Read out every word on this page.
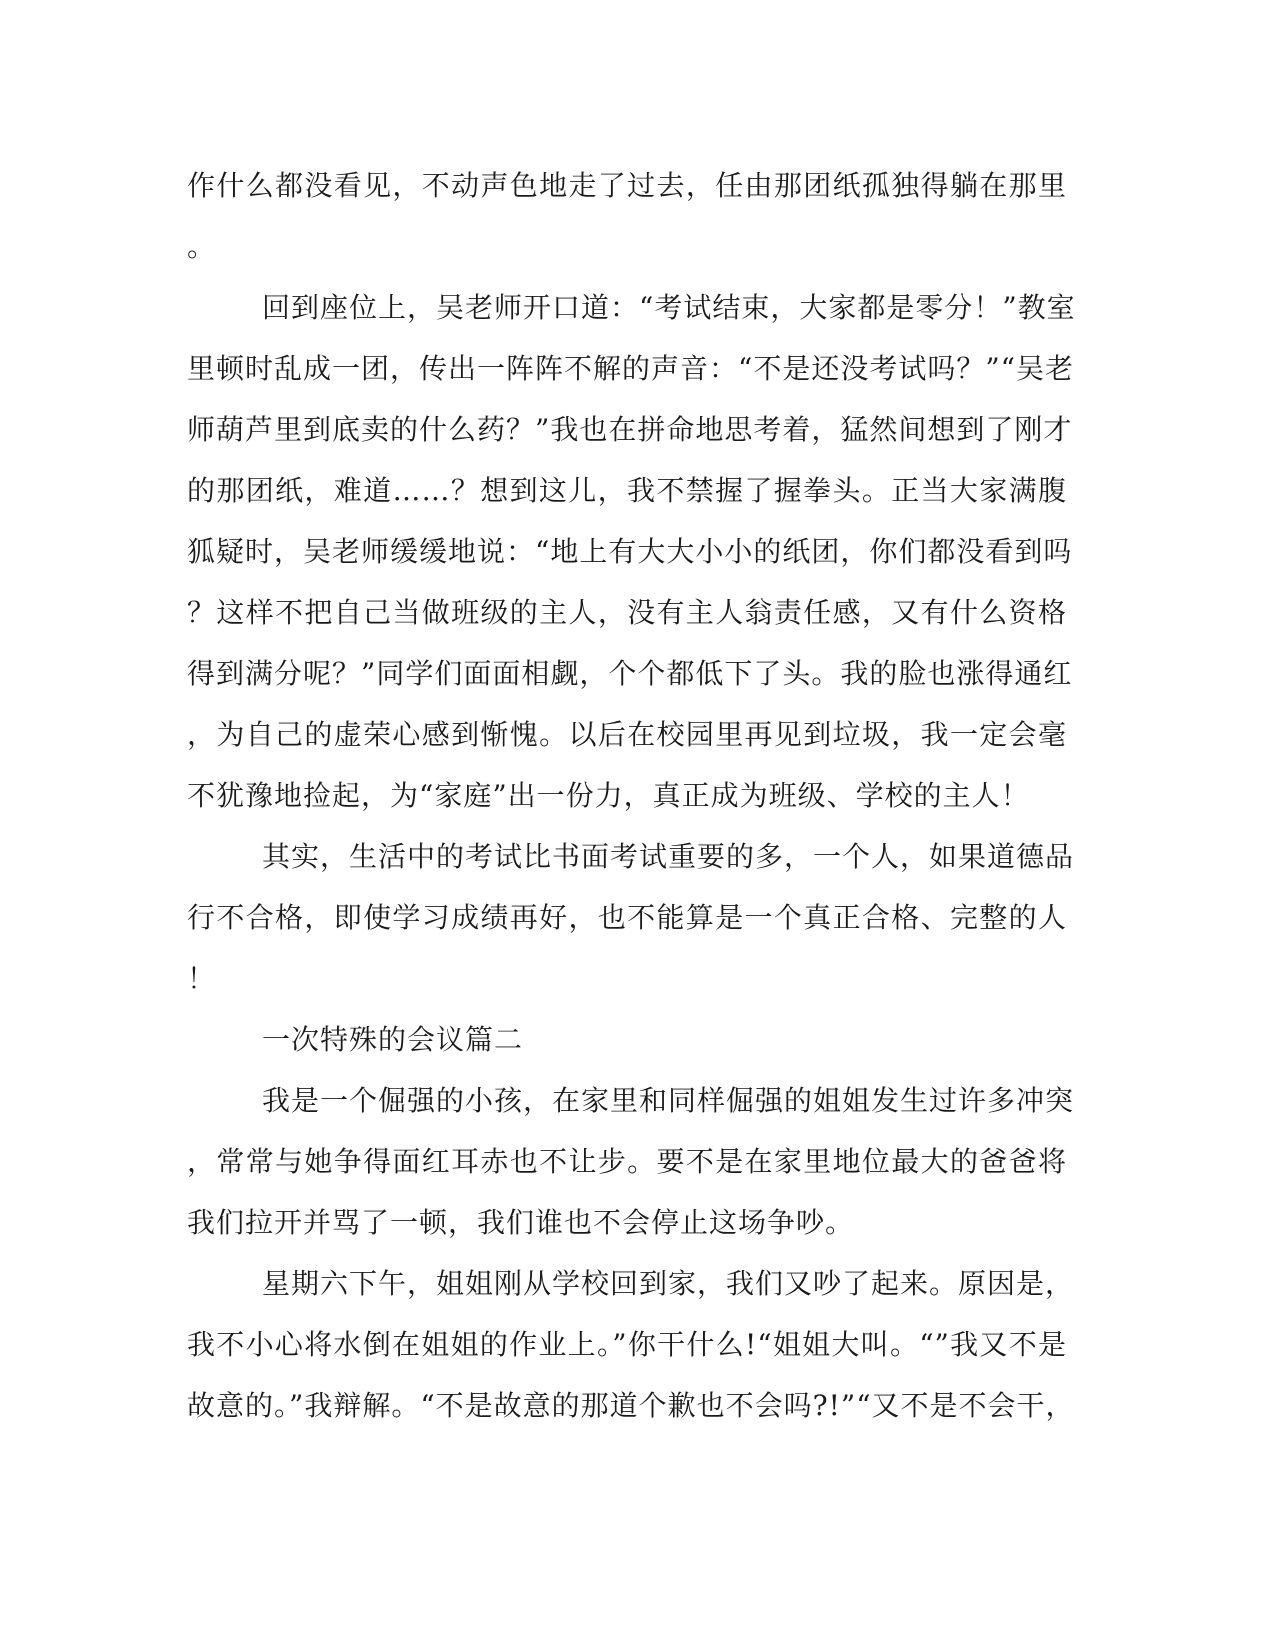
作什么都没看见，不动声色地走了过去，任由那团纸孤独得躺在那里
。
回到座位上，吴老师开口道：“考试结束，大家都是零分！”教室
里顿时乱成一团，传出一阵阵不解的声音：“不是还没考试吗？”“吴老
师葫芦里到底卖的什么药？”我也在拼命地思考着，猛然间想到了刚才
的那团纸，难道……？想到这儿，我不禁握了握拳头。正当大家满腹
狐疑时，吴老师缓缓地说：“地上有大大小小的纸团，你们都没看到吗
？这样不把自己当做班级的主人，没有主人翁责任感，又有什么资格
得到满分呢？”同学们面面相觑，个个都低下了头。我的脸也涨得通红
，为自己的虚荣心感到惭愧。以后在校园里再见到垃圾，我一定会毫
不犹豫地捡起，为“家庭”出一份力，真正成为班级、学校的主人！
其实，生活中的考试比书面考试重要的多，一个人，如果道德品
行不合格，即使学习成绩再好，也不能算是一个真正合格、完整的人
！
一次特殊的会议篇二
我是一个倔强的小孩，在家里和同样倔强的姐姐发生过许多冲突
，常常与她争得面红耳赤也不让步。要不是在家里地位最大的爸爸将
我们拉开并骂了一顿，我们谁也不会停止这场争吵。
星期六下午，姐姐刚从学校回到家，我们又吵了起来。原因是，
我不小心将水倒在姐姐的作业上。”你干什么!“姐姐大叫。“”我又不是
故意的。”我辩解。“不是故意的那道个歉也不会吗?!”“又不是不会干，
